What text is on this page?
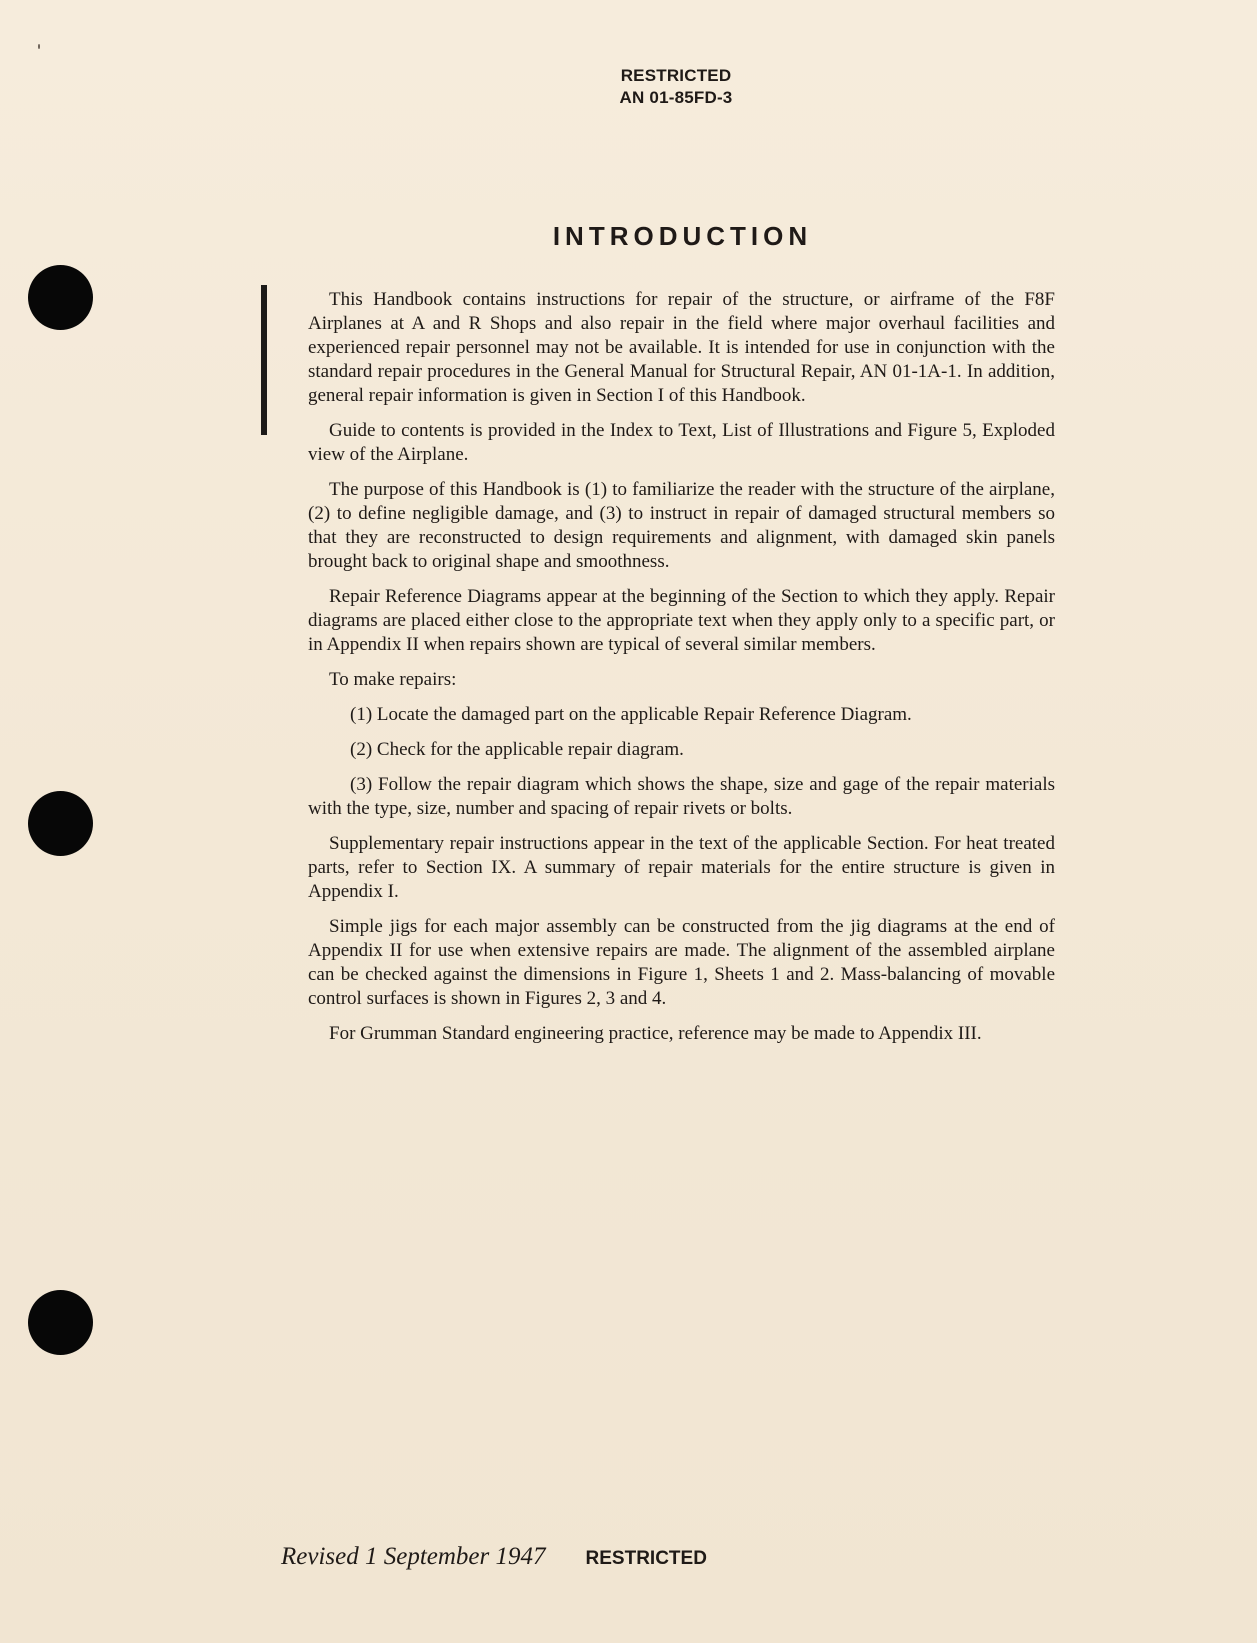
RESTRICTED
AN 01-85FD-3
INTRODUCTION

This Handbook contains instructions for repair of the structure, or airframe of the F8F Airplanes at A and R Shops and also repair in the field where major overhaul facilities and experienced repair personnel may not be available. It is intended for use in conjunction with the standard repair procedures in the General Manual for Structural Repair, AN 01-1A-1. In addition, general repair information is given in Section I of this Handbook.

Guide to contents is provided in the Index to Text, List of Illustrations and Figure 5, Exploded view of the Airplane.

The purpose of this Handbook is (1) to familiarize the reader with the structure of the airplane, (2) to define negligible damage, and (3) to instruct in repair of damaged structural members so that they are reconstructed to design requirements and alignment, with damaged skin panels brought back to original shape and smoothness.

Repair Reference Diagrams appear at the beginning of the Section to which they apply. Repair diagrams are placed either close to the appropriate text when they apply only to a specific part, or in Appendix II when repairs shown are typical of several similar members.

To make repairs:

(1) Locate the damaged part on the applicable Repair Reference Diagram.

(2) Check for the applicable repair diagram.

(3) Follow the repair diagram which shows the shape, size and gage of the repair materials with the type, size, number and spacing of repair rivets or bolts.

Supplementary repair instructions appear in the text of the applicable Section. For heat treated parts, refer to Section IX. A summary of repair materials for the entire structure is given in Appendix I.

Simple jigs for each major assembly can be constructed from the jig diagrams at the end of Appendix II for use when extensive repairs are made. The alignment of the assembled airplane can be checked against the dimensions in Figure 1, Sheets 1 and 2. Mass-balancing of movable control surfaces is shown in Figures 2, 3 and 4.

For Grumman Standard engineering practice, reference may be made to Appendix III.

Revised 1 September 1947 RESTRICTED
